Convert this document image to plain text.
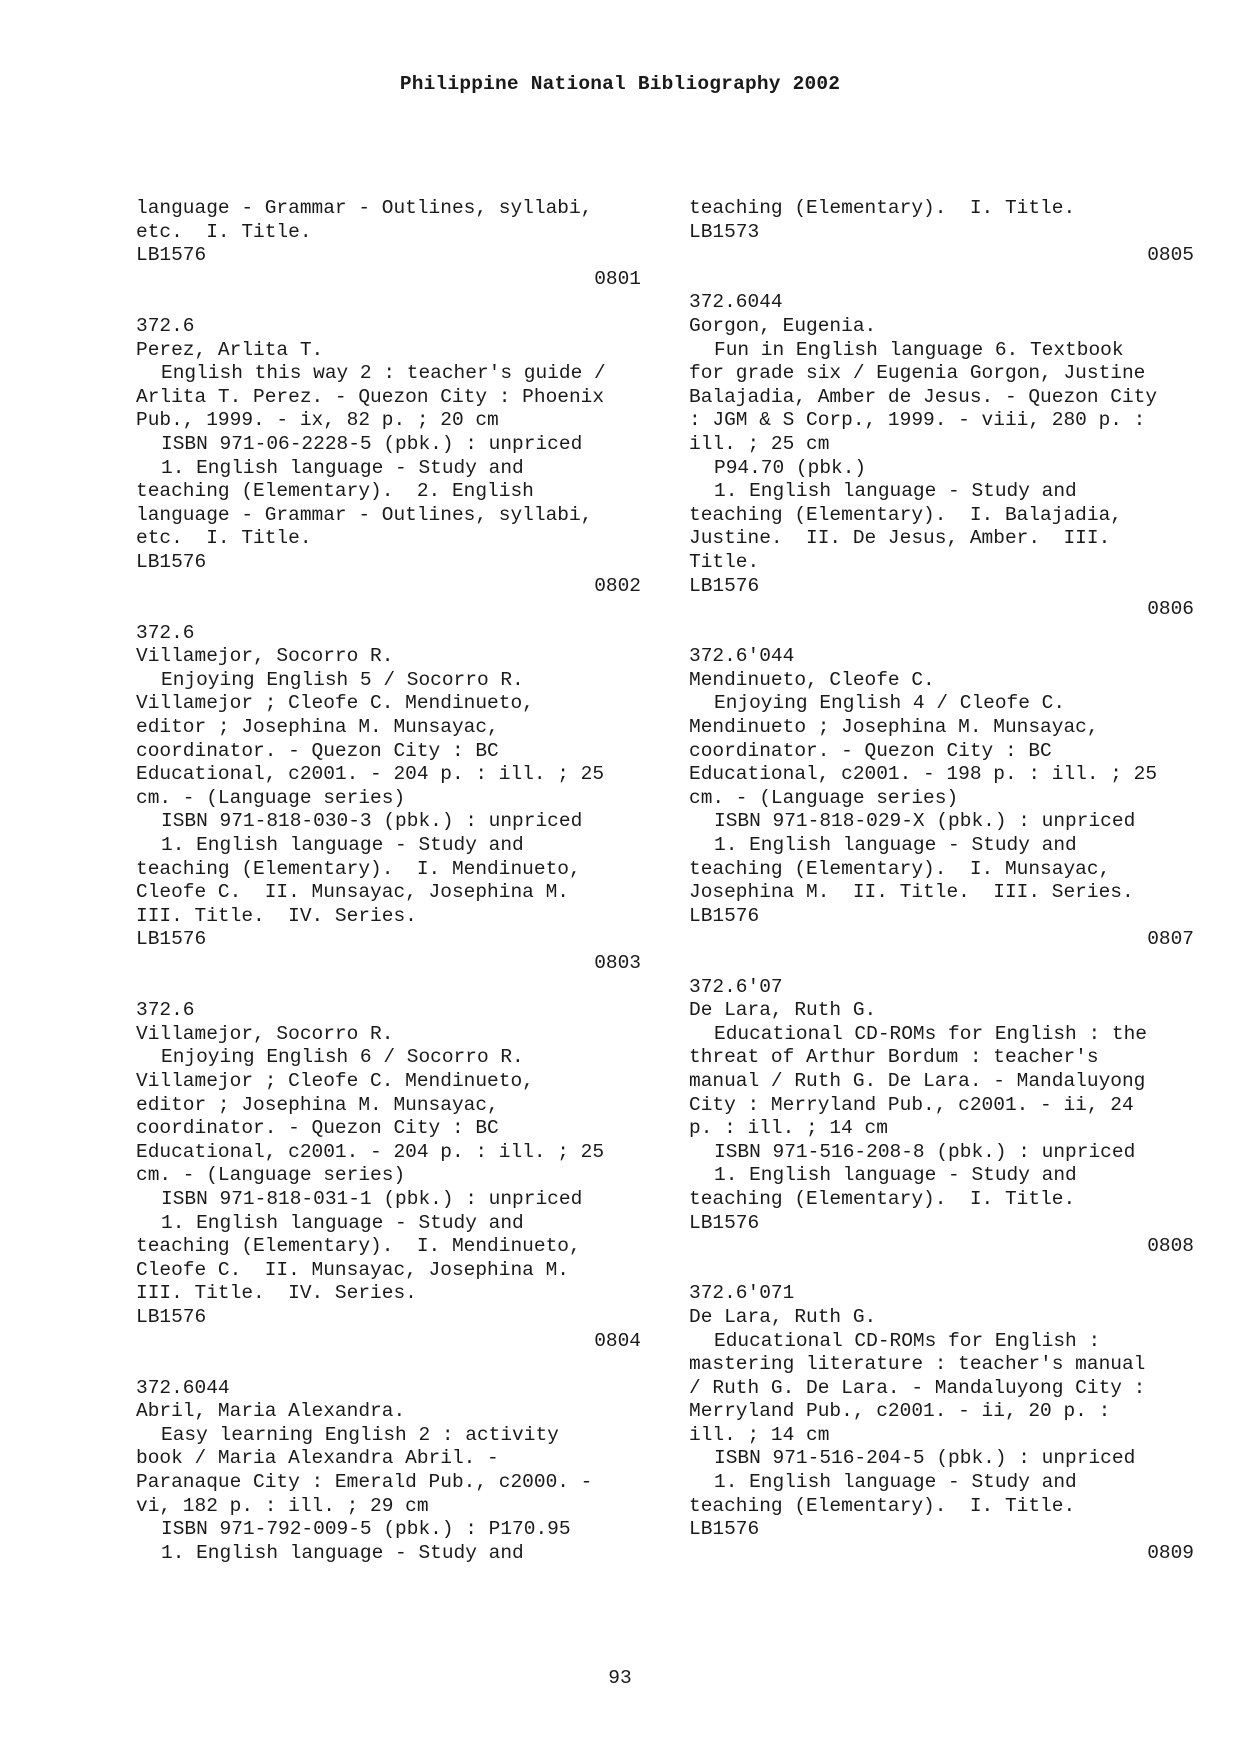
Philippine National Bibliography 2002
language - Grammar - Outlines, syllabi,
etc.  I. Title.
LB1576
0801
372.6
Perez, Arlita T.
English this way 2 : teacher's guide /
Arlita T. Perez. - Quezon City : Phoenix
Pub., 1999. - ix, 82 p. ; 20 cm
ISBN 971-06-2228-5 (pbk.) : unpriced
1. English language - Study and
teaching (Elementary).  2. English
language - Grammar - Outlines, syllabi,
etc.  I. Title.
LB1576
0802
372.6
Villamejor, Socorro R.
Enjoying English 5 / Socorro R.
Villamejor ; Cleofe C. Mendinueto,
editor ; Josephina M. Munsayac,
coordinator. - Quezon City : BC
Educational, c2001. - 204 p. : ill. ; 25
cm. - (Language series)
ISBN 971-818-030-3 (pbk.) : unpriced
1. English language - Study and
teaching (Elementary).  I. Mendinueto,
Cleofe C.  II. Munsayac, Josephina M.
III. Title.  IV. Series.
LB1576
0803
372.6
Villamejor, Socorro R.
Enjoying English 6 / Socorro R.
Villamejor ; Cleofe C. Mendinueto,
editor ; Josephina M. Munsayac,
coordinator. - Quezon City : BC
Educational, c2001. - 204 p. : ill. ; 25
cm. - (Language series)
ISBN 971-818-031-1 (pbk.) : unpriced
1. English language - Study and
teaching (Elementary).  I. Mendinueto,
Cleofe C.  II. Munsayac, Josephina M.
III. Title.  IV. Series.
LB1576
0804
372.6044
Abril, Maria Alexandra.
Easy learning English 2 : activity
book / Maria Alexandra Abril. -
Paranaque City : Emerald Pub., c2000. -
vi, 182 p. : ill. ; 29 cm
ISBN 971-792-009-5 (pbk.) : P170.95
1. English language - Study and
teaching (Elementary).  I. Title.
LB1573
0805
372.6044
Gorgon, Eugenia.
Fun in English language 6. Textbook
for grade six / Eugenia Gorgon, Justine
Balajadia, Amber de Jesus. - Quezon City
: JGM & S Corp., 1999. - viii, 280 p. :
ill. ; 25 cm
P94.70 (pbk.)
1. English language - Study and
teaching (Elementary).  I. Balajadia,
Justine.  II. De Jesus, Amber.  III.
Title.
LB1576
0806
372.6'044
Mendinueto, Cleofe C.
Enjoying English 4 / Cleofe C.
Mendinueto ; Josephina M. Munsayac,
coordinator. - Quezon City : BC
Educational, c2001. - 198 p. : ill. ; 25
cm. - (Language series)
ISBN 971-818-029-X (pbk.) : unpriced
1. English language - Study and
teaching (Elementary).  I. Munsayac,
Josephina M.  II. Title.  III. Series.
LB1576
0807
372.6'07
De Lara, Ruth G.
Educational CD-ROMs for English : the
threat of Arthur Bordum : teacher's
manual / Ruth G. De Lara. - Mandaluyong
City : Merryland Pub., c2001. - ii, 24
p. : ill. ; 14 cm
ISBN 971-516-208-8 (pbk.) : unpriced
1. English language - Study and
teaching (Elementary).  I. Title.
LB1576
0808
372.6'071
De Lara, Ruth G.
Educational CD-ROMs for English :
mastering literature : teacher's manual
/ Ruth G. De Lara. - Mandaluyong City :
Merryland Pub., c2001. - ii, 20 p. :
ill. ; 14 cm
ISBN 971-516-204-5 (pbk.) : unpriced
1. English language - Study and
teaching (Elementary).  I. Title.
LB1576
0809
93
